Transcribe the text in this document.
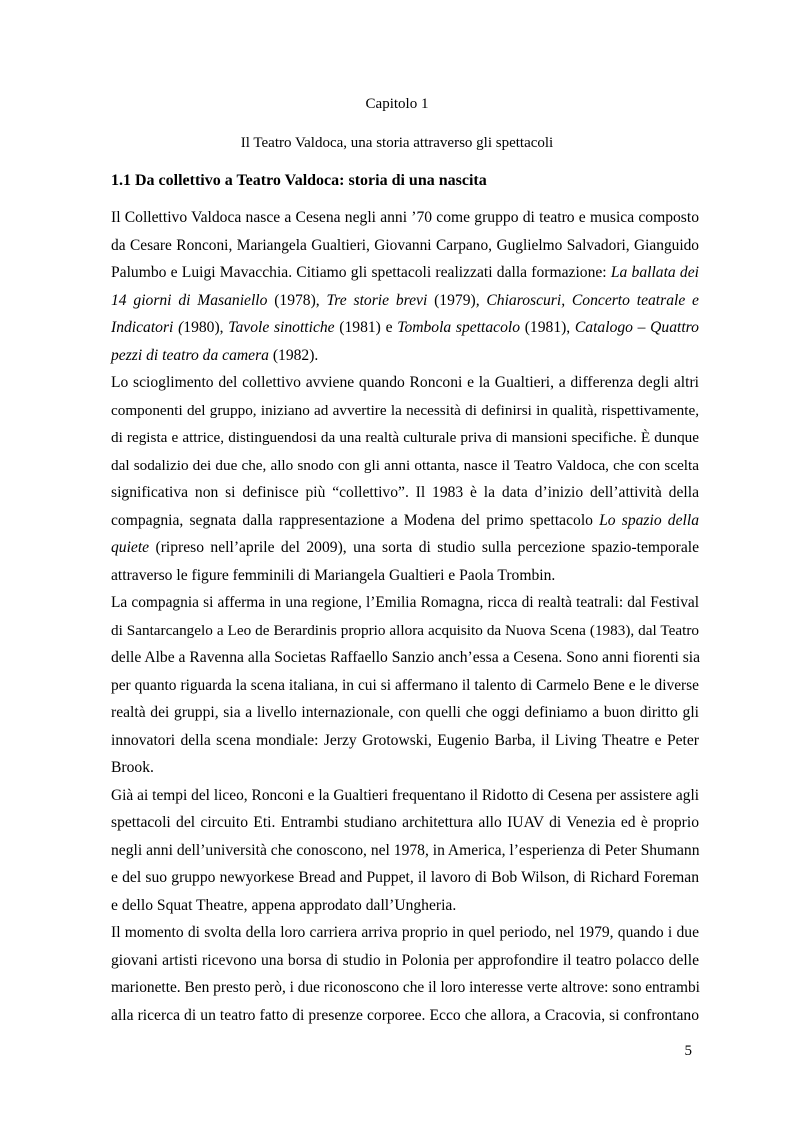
Capitolo 1
Il Teatro Valdoca, una storia attraverso gli spettacoli
1.1 Da collettivo a Teatro Valdoca: storia di una nascita
Il Collettivo Valdoca nasce a Cesena negli anni ’70 come gruppo di teatro e musica composto
da Cesare Ronconi, Mariangela Gualtieri, Giovanni Carpano, Guglielmo Salvadori, Gianguido
Palumbo e Luigi Mavacchia. Citiamo gli spettacoli realizzati dalla formazione: La ballata dei
14 giorni di Masaniello (1978), Tre storie brevi (1979), Chiaroscuri, Concerto teatrale e
Indicatori (1980), Tavole sinottiche (1981) e Tombola spettacolo (1981), Catalogo – Quattro
pezzi di teatro da camera (1982).
Lo scioglimento del collettivo avviene quando Ronconi e la Gualtieri, a differenza degli altri
componenti del gruppo, iniziano ad avvertire la necessità di definirsi in qualità, rispettivamente,
di regista e attrice, distinguendosi da una realtà culturale priva di mansioni specifiche. È dunque
dal sodalizio dei due che, allo snodo con gli anni ottanta, nasce il Teatro Valdoca, che con scelta
significativa non si definisce più “collettivo”. Il 1983 è la data d’inizio dell’attività della
compagnia, segnata dalla rappresentazione a Modena del primo spettacolo Lo spazio della
quiete (ripreso nell’aprile del 2009), una sorta di studio sulla percezione spazio-temporale
attraverso le figure femminili di Mariangela Gualtieri e Paola Trombin.
La compagnia si afferma in una regione, l’Emilia Romagna, ricca di realtà teatrali: dal Festival
di Santarcangelo a Leo de Berardinis proprio allora acquisito da Nuova Scena (1983), dal Teatro
delle Albe a Ravenna alla Societas Raffaello Sanzio anch’essa a Cesena. Sono anni fiorenti sia
per quanto riguarda la scena italiana, in cui si affermano il talento di Carmelo Bene e le diverse
realtà dei gruppi, sia a livello internazionale, con quelli che oggi definiamo a buon diritto gli
innovatori della scena mondiale: Jerzy Grotowski, Eugenio Barba, il Living Theatre e Peter
Brook.
Già ai tempi del liceo, Ronconi e la Gualtieri frequentano il Ridotto di Cesena per assistere agli
spettacoli del circuito Eti. Entrambi studiano architettura allo IUAV di Venezia ed è proprio
negli anni dell’università che conoscono, nel 1978, in America, l’esperienza di Peter Shumann
e del suo gruppo newyorkese Bread and Puppet, il lavoro di Bob Wilson, di Richard Foreman
e dello Squat Theatre, appena approdato dall’Ungheria.
Il momento di svolta della loro carriera arriva proprio in quel periodo, nel 1979, quando i due
giovani artisti ricevono una borsa di studio in Polonia per approfondire il teatro polacco delle
marionette. Ben presto però, i due riconoscono che il loro interesse verte altrove: sono entrambi
alla ricerca di un teatro fatto di presenze corporee. Ecco che allora, a Cracovia, si confrontano
5
